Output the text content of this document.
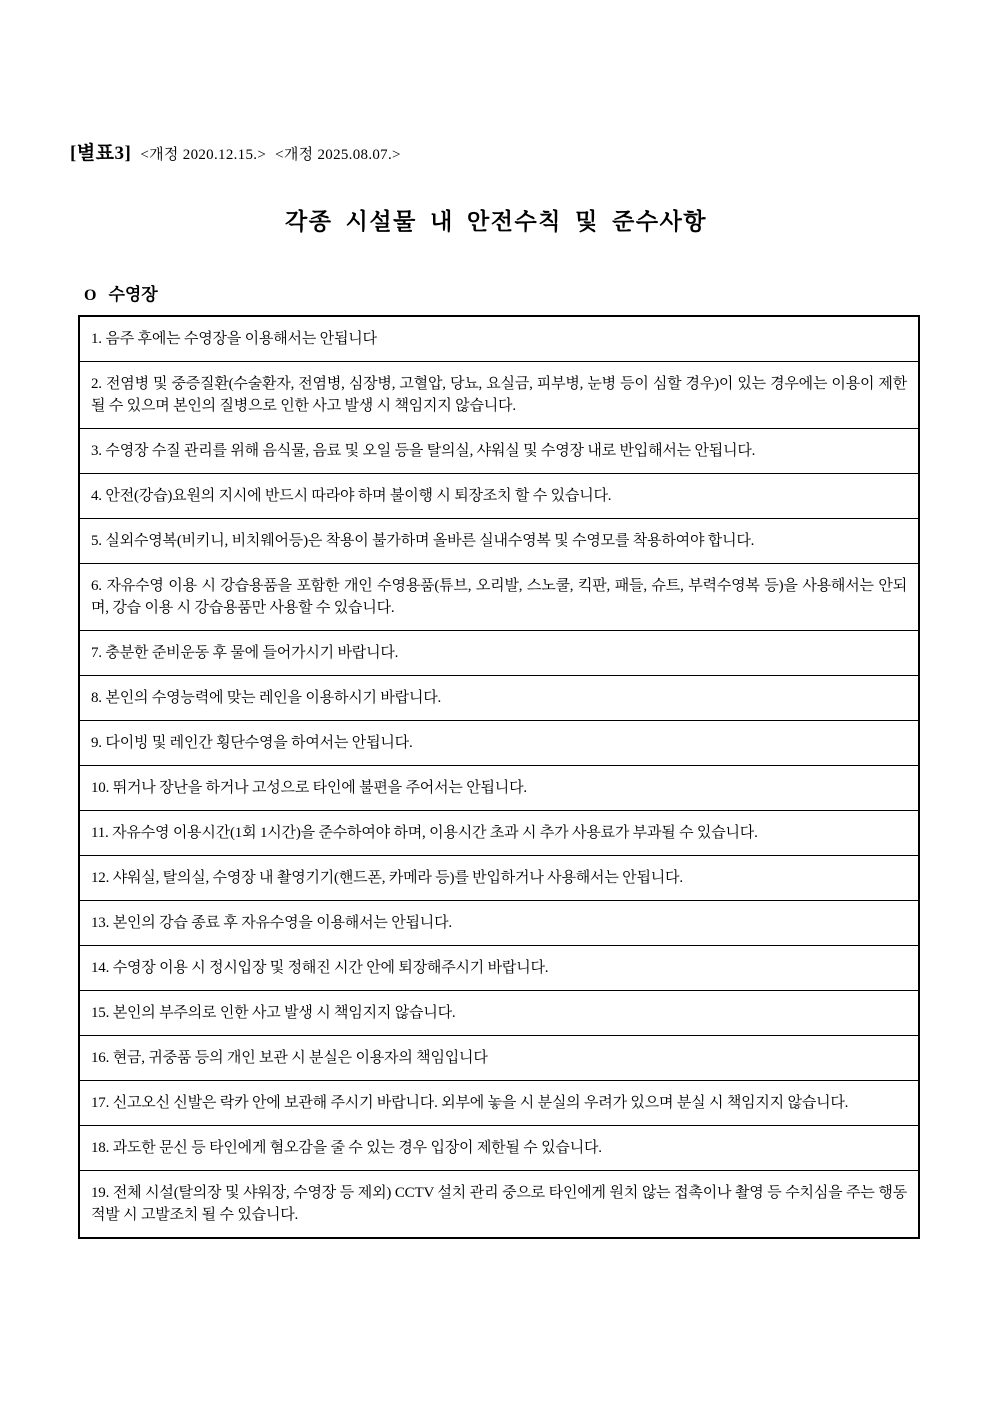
[별표3] <개정 2020.12.15.> <개정 2025.08.07.>
각종 시설물 내 안전수칙 및 준수사항
O 수영장
1. 음주 후에는 수영장을 이용해서는 안됩니다
2. 전염병 및 중증질환(수술환자, 전염병, 심장병, 고혈압, 당뇨, 요실금, 피부병, 눈병 등이 심할 경우)이 있는 경우에는 이용이 제한될 수 있으며 본인의 질병으로 인한 사고 발생 시 책임지지 않습니다.
3. 수영장 수질 관리를 위해 음식물, 음료 및 오일 등을 탈의실, 샤워실 및 수영장 내로 반입해서는 안됩니다.
4. 안전(강습)요원의 지시에 반드시 따라야 하며 불이행 시 퇴장조치 할 수 있습니다.
5. 실외수영복(비키니, 비치웨어등)은 착용이 불가하며 올바른 실내수영복 및 수영모를 착용하여야 합니다.
6. 자유수영 이용 시 강습용품을 포함한 개인 수영용품(튜브, 오리발, 스노쿨, 킥판, 패들, 슈트, 부력수영복 등)을 사용해서는 안되며, 강습 이용 시 강습용품만 사용할 수 있습니다.
7. 충분한 준비운동 후 물에 들어가시기 바랍니다.
8. 본인의 수영능력에 맞는 레인을 이용하시기 바랍니다.
9. 다이빙 및 레인간 횡단수영을 하여서는 안됩니다.
10. 뛰거나 장난을 하거나 고성으로 타인에 불편을 주어서는 안됩니다.
11. 자유수영 이용시간(1회 1시간)을 준수하여야 하며, 이용시간 초과 시 추가 사용료가 부과될 수 있습니다.
12. 샤워실, 탈의실, 수영장 내 촬영기기(핸드폰, 카메라 등)를 반입하거나 사용해서는 안됩니다.
13. 본인의 강습 종료 후 자유수영을 이용해서는 안됩니다.
14. 수영장 이용 시 정시입장 및 정해진 시간 안에 퇴장해주시기 바랍니다.
15. 본인의 부주의로 인한 사고 발생 시 책임지지 않습니다.
16. 현금, 귀중품 등의 개인 보관 시 분실은 이용자의 책임입니다
17. 신고오신 신발은 락카 안에 보관해 주시기 바랍니다. 외부에 놓을 시 분실의 우려가 있으며 분실 시 책임지지 않습니다.
18. 과도한 문신 등 타인에게 혐오감을 줄 수 있는 경우 입장이 제한될 수 있습니다.
19. 전체 시설(탈의장 및 샤워장, 수영장 등 제외) CCTV 설치 관리 중으로 타인에게 원치 않는 접촉이나 촬영 등 수치심을 주는 행동 적발 시 고발조치 될 수 있습니다.
